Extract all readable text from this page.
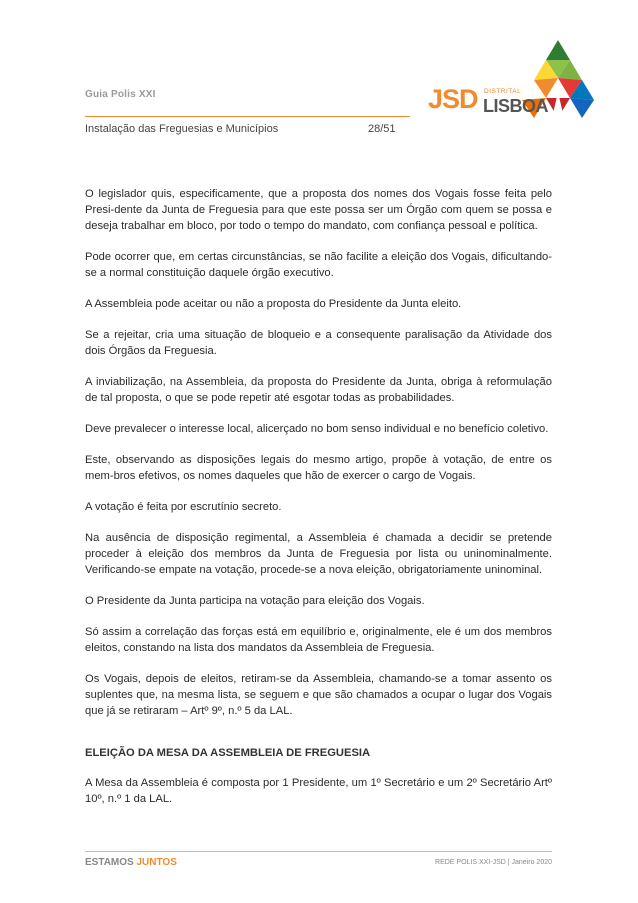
Guia Polis XXI
Instalação das Freguesias e Municípios	28/51
JSD DISTRITAL
LISBOA

O legislador quis, especificamente, que a proposta dos nomes dos Vogais fosse feita pelo Presi-dente da Junta de Freguesia para que este possa ser um Órgão com quem se possa e deseja trabalhar em bloco, por todo o tempo do mandato, com confiança pessoal e política.

Pode ocorrer que, em certas circunstâncias, se não facilite a eleição dos Vogais, dificultando-se a normal constituição daquele órgão executivo.

A Assembleia pode aceitar ou não a proposta do Presidente da Junta eleito.

Se a rejeitar, cria uma situação de bloqueio e a consequente paralisação da Atividade dos dois Órgãos da Freguesia.

A inviabilização, na Assembleia, da proposta do Presidente da Junta, obriga à reformulação de tal proposta, o que se pode repetir até esgotar todas as probabilidades.

Deve prevalecer o interesse local, alicerçado no bom senso individual e no benefício coletivo.

Este, observando as disposições legais do mesmo artigo, propõe à votação, de entre os mem-bros efetivos, os nomes daqueles que hão de exercer o cargo de Vogais.

A votação é feita por escrutínio secreto.

Na ausência de disposição regimental, a Assembleia é chamada a decidir se pretende proceder à eleição dos membros da Junta de Freguesia por lista ou uninominalmente. Verificando-se empate na votação, procede-se a nova eleição, obrigatoriamente uninominal.

O Presidente da Junta participa na votação para eleição dos Vogais.

Só assim a correlação das forças está em equilíbrio e, originalmente, ele é um dos membros eleitos, constando na lista dos mandatos da Assembleia de Freguesia.

Os Vogais, depois de eleitos, retiram-se da Assembleia, chamando-se a tomar assento os suplentes que, na mesma lista, se seguem e que são chamados a ocupar o lugar dos Vogais que já se retiraram – Artº 9º, n.º 5 da LAL.

ELEIÇÃO DA MESA DA ASSEMBLEIA DE FREGUESIA

A Mesa da Assembleia é composta por 1 Presidente, um 1º Secretário e um 2º Secretário Artº 10º, n.º 1 da LAL.

ESTAMOS JUNTOS	REDE POLIS XXI-JSD | Janeiro 2020
